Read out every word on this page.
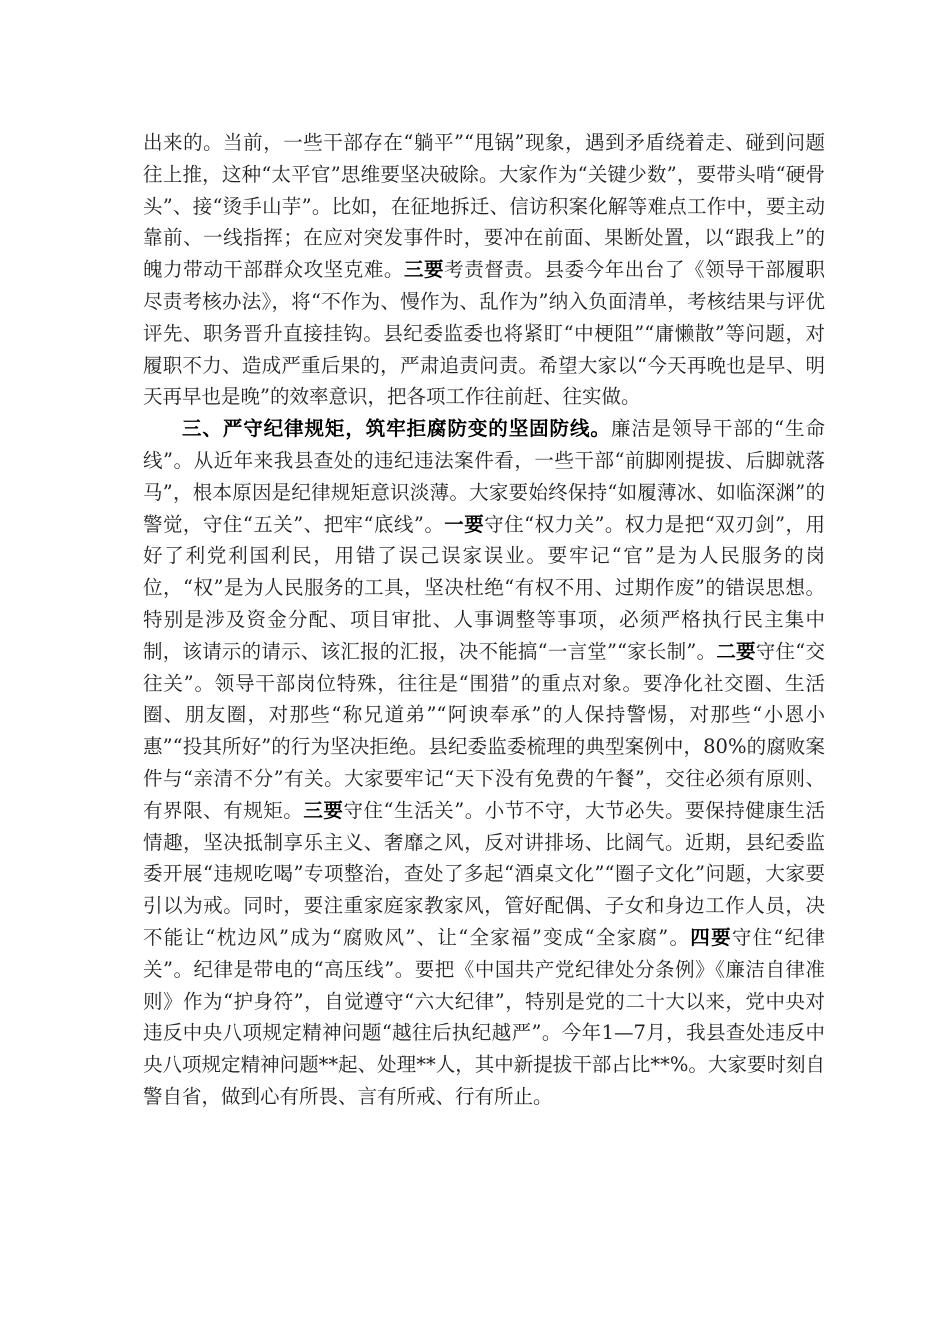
出来的。当前，一些干部存在“躺平”“甩锅”现象，遇到矛盾绕着走、碰到问题往上推，这种“太平官”思维要坚决破除。大家作为“关键少数”，要带头啃“硬骨头”、接“烫手山芋”。比如，在征地拆迁、信访积案化解等难点工作中，要主动靠前、一线指挥；在应对突发事件时，要冲在前面、果断处置，以“跟我上”的魄力带动干部群众攻坚克难。三要考责督责。县委今年出台了《领导干部履职尽责考核办法》，将“不作为、慢作为、乱作为”纳入负面清单，考核结果与评优评先、职务晋升直接挂钩。县纪委监委也将紧盯“中梗阻”“庸懒散”等问题，对履职不力、造成严重后果的，严肃追责问责。希望大家以“今天再晚也是早、明天再早也是晚”的效率意识，把各项工作往前赶、往实做。

三、严守纪律规矩，筑牢拒腐防变的坚固防线。廉洁是领导干部的“生命线”。从近年来我县查处的违纪违法案件看，一些干部“前脚刚提拔、后脚就落马”，根本原因是纪律规矩意识淡薄。大家要始终保持“如履薄冰、如临深渊”的警觉，守住“五关”、把牢“底线”。一要守住“权力关”。权力是把“双刃剑”，用好了利党利国利民，用错了误己误家误业。要牢记“官”是为人民服务的岗位，“权”是为人民服务的工具，坚决杜绝“有权不用、过期作废”的错误思想。特别是涉及资金分配、项目审批、人事调整等事项，必须严格执行民主集中制，该请示的请示、该汇报的汇报，决不能搞“一言堂”“家长制”。二要守住“交往关”。领导干部岗位特殊，往往是“围猎”的重点对象。要净化社交圈、生活圈、朋友圈，对那些“称兄道弟”“阿谀奉承”的人保持警惕，对那些“小恩小惠”“投其所好”的行为坚决拒绝。县纪委监委梳理的典型案例中，80%的腐败案件与“亲清不分”有关。大家要牢记“天下没有免费的午餐”，交往必须有原则、有界限、有规矩。三要守住“生活关”。小节不守，大节必失。要保持健康生活情趣，坚决抵制享乐主义、奢靡之风，反对讲排场、比阔气。近期，县纪委监委开展“违规吃喝”专项整治，查处了多起“酒桌文化”“圈子文化”问题，大家要引以为戒。同时，要注重家庭家教家风，管好配偶、子女和身边工作人员，决不能让“枕边风”成为“腐败风”、让“全家福”变成“全家腐”。四要守住“纪律关”。纪律是带电的“高压线”。要把《中国共产党纪律处分条例》《廉洁自律准则》作为“护身符”，自觉遵守“六大纪律”，特别是党的二十大以来，党中央对违反中央八项规定精神问题“越往后执纪越严”。今年1—7月，我县查处违反中央八项规定精神问题**起、处理**人，其中新提拔干部占比**%。大家要时刻自警自省，做到心有所畏、言有所戒、行有所止。
